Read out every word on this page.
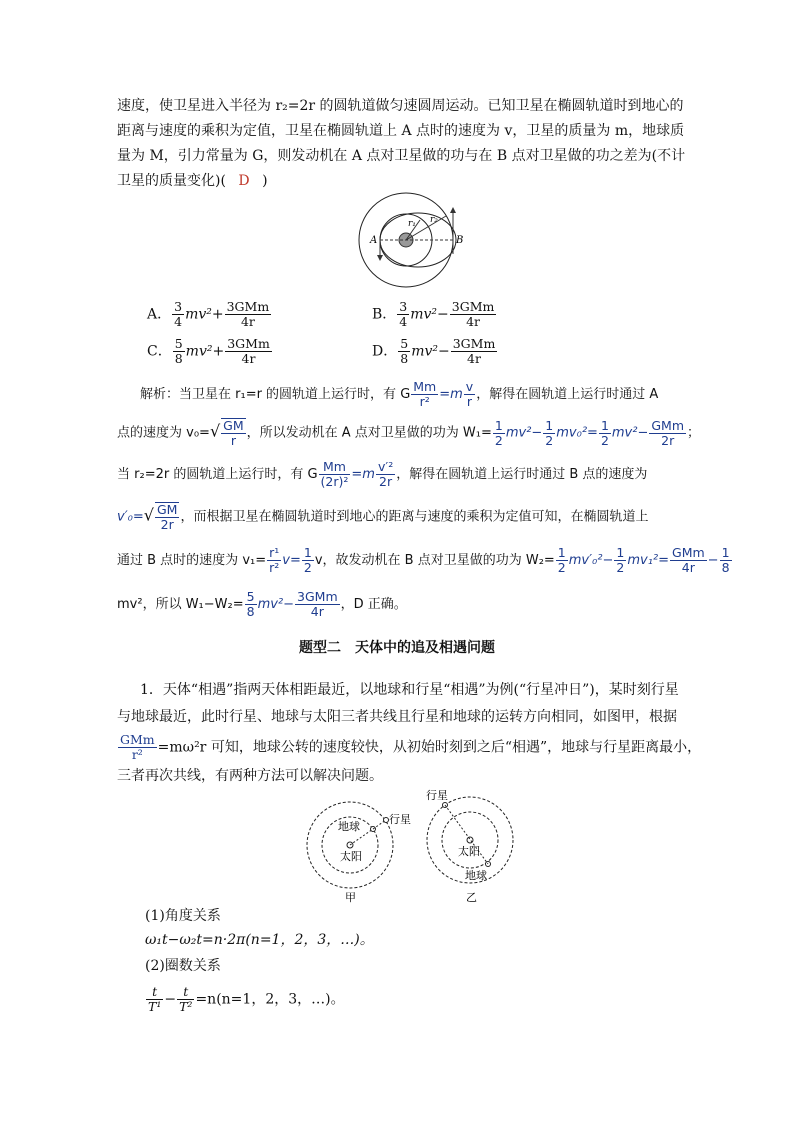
速度，使卫星进入半径为 r₂=2r 的圆轨道做匀速圆周运动。已知卫星在椭圆轨道时到地心的
距离与速度的乘积为定值，卫星在椭圆轨道上 A 点时的速度为 v，卫星的质量为 m，地球质
量为 M，引力常量为 G，则发动机在 A 点对卫星做的功与在 B 点对卫星做的功之差为(不计
卫星的质量变化)( D )
r₁ r₂
A	B
A． $\frac{3}{4} mv^2+ \frac{\text{3GMm}}{4r}$	B． $\frac{3}{4} mv^2- \frac{\text{3GMm}}{4r}$
C． $\frac{5}{8} mv^2+ \frac{\text{3GMm}}{4r}$	D． $\frac{5}{8} mv^2- \frac{\text{3GMm}}{4r}$
解析：当卫星在 r₁=r 的圆轨道上运行时，有 G $\frac{Mm}{\text{r²}} =m \frac{v}{r}$ ，解得在圆轨道上运行时通过 A
点的速度为 $v_0=√ \frac{GM}{r}$ ，所以发动机在 A 点对卫星做的功为 $W_1= \frac{1}{2} mv^2- \frac{1}{2} mv_0^2= \frac{1}{2} mv^2- \frac{\text{GMm}}{2r}$ ；
当 r₂=2r 的圆轨道上运行时，有 G $\frac{Mm}{\text{(2r)²}} =m \frac{\text{v′²}}{2r}$ ，解得在圆轨道上运行时通过 B 点的速度为
$v'_0=√ \frac{GM}{2r}$ ，而根据卫星在椭圆轨道时到地心的距离与速度的乘积为定值可知，在椭圆轨道上
通过 B 点时的速度为 $v_1= \frac{\text{r¹}}{\text{r²}} v= \frac{1}{2}$ v，故发动机在 B 点对卫星做的功为 $W_2= \frac{1}{2} mv'_0^2- \frac{1}{2} mv_1^2= \frac{\text{GMm}}{4r} - \frac{1}{8}$
mv²，所以 $W_1-W_2= \frac{5}{8} mv^2- \frac{\text{3GMm}}{4r}$ ，D 正确。
题型二　天体中的追及相遇问题
1．天体“相遇”指两天体相距最近，以地球和行星“相遇”为例(“行星冲日”)，某时刻行星
与地球最近，此时行星、地球与太阳三者共线且行星和地球的运转方向相同，如图甲，根据
$\frac{\text{GMm}}{\text{r²}} =m\omega^2r$ 可知，地球公转的速度较快，从初始时刻到之后“相遇”，地球与行星距离最小，
三者再次共线，有两种方法可以解决问题。
地球
行星
太阳
甲
行星
太阳
地球
乙
(1)角度关系
ω₁t−ω₂t=n·2π(n=1，2，3，…)。
(2)圈数关系
$\frac{t}{\text{T¹}} - \frac{t}{\text{T²}} =n(n=1$，2，3，…)。
